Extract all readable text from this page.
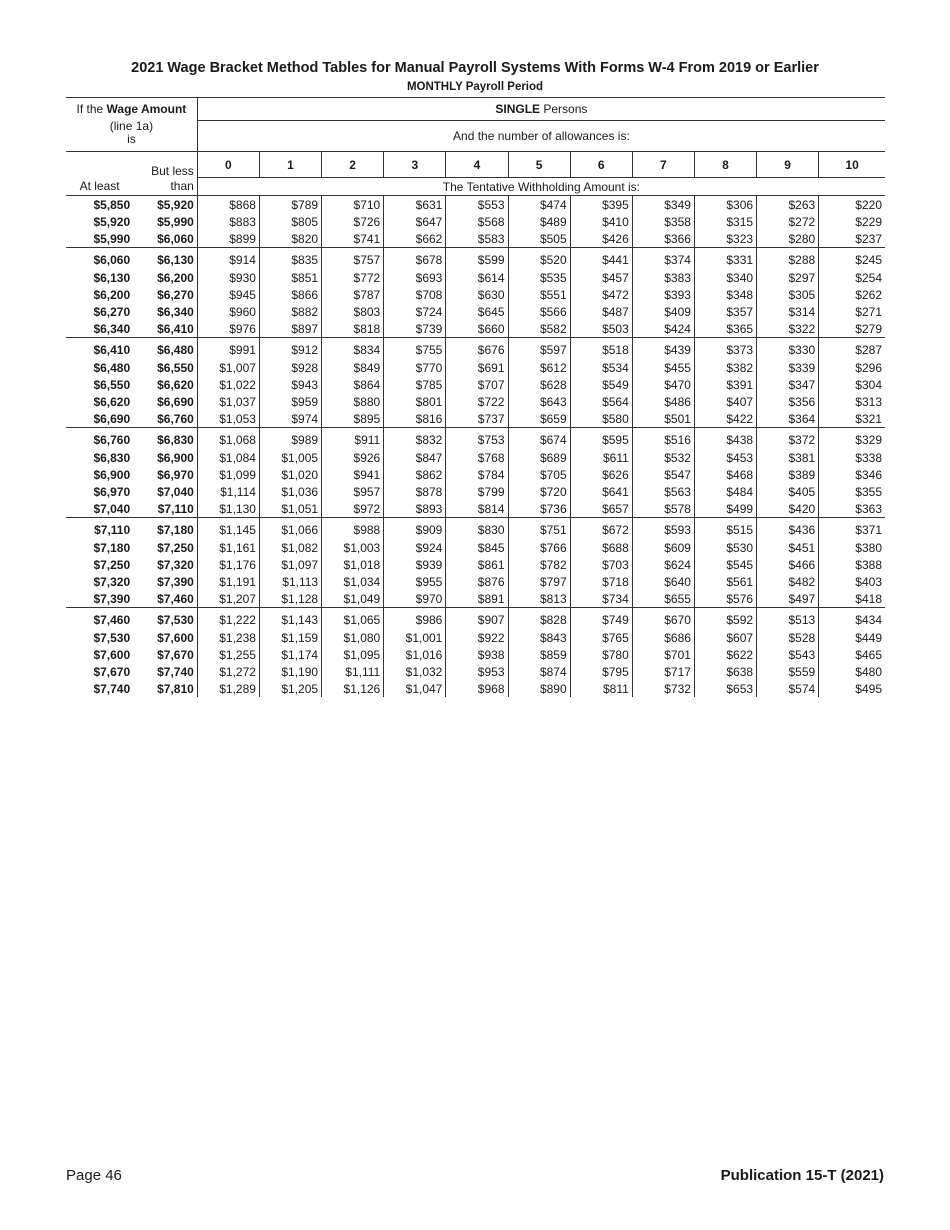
2021 Wage Bracket Method Tables for Manual Payroll Systems With Forms W-4 From 2019 or Earlier
MONTHLY Payroll Period
If the Wage Amount
(line 1a)
is		SINGLE Persons										
		And the number of allowances is:										
	But less	0	1	2	3	4	5	6	7	8	9	10
At least	than	The Tentative Withholding Amount is:										
$5,850	$5,920	$868	$789	$710	$631	$553	$474	$395	$349	$306	$263	$220
$5,920	$5,990	$883	$805	$726	$647	$568	$489	$410	$358	$315	$272	$229
$5,990	$6,060	$899	$820	$741	$662	$583	$505	$426	$366	$323	$280	$237
$6,060	$6,130	$914	$835	$757	$678	$599	$520	$441	$374	$331	$288	$245
$6,130	$6,200	$930	$851	$772	$693	$614	$535	$457	$383	$340	$297	$254
$6,200	$6,270	$945	$866	$787	$708	$630	$551	$472	$393	$348	$305	$262
$6,270	$6,340	$960	$882	$803	$724	$645	$566	$487	$409	$357	$314	$271
$6,340	$6,410	$976	$897	$818	$739	$660	$582	$503	$424	$365	$322	$279
$6,410	$6,480	$991	$912	$834	$755	$676	$597	$518	$439	$373	$330	$287
$6,480	$6,550	$1,007	$928	$849	$770	$691	$612	$534	$455	$382	$339	$296
$6,550	$6,620	$1,022	$943	$864	$785	$707	$628	$549	$470	$391	$347	$304
$6,620	$6,690	$1,037	$959	$880	$801	$722	$643	$564	$486	$407	$356	$313
$6,690	$6,760	$1,053	$974	$895	$816	$737	$659	$580	$501	$422	$364	$321
$6,760	$6,830	$1,068	$989	$911	$832	$753	$674	$595	$516	$438	$372	$329
$6,830	$6,900	$1,084	$1,005	$926	$847	$768	$689	$611	$532	$453	$381	$338
$6,900	$6,970	$1,099	$1,020	$941	$862	$784	$705	$626	$547	$468	$389	$346
$6,970	$7,040	$1,114	$1,036	$957	$878	$799	$720	$641	$563	$484	$405	$355
$7,040	$7,110	$1,130	$1,051	$972	$893	$814	$736	$657	$578	$499	$420	$363
$7,110	$7,180	$1,145	$1,066	$988	$909	$830	$751	$672	$593	$515	$436	$371
$7,180	$7,250	$1,161	$1,082	$1,003	$924	$845	$766	$688	$609	$530	$451	$380
$7,250	$7,320	$1,176	$1,097	$1,018	$939	$861	$782	$703	$624	$545	$466	$388
$7,320	$7,390	$1,191	$1,113	$1,034	$955	$876	$797	$718	$640	$561	$482	$403
$7,390	$7,460	$1,207	$1,128	$1,049	$970	$891	$813	$734	$655	$576	$497	$418
$7,460	$7,530	$1,222	$1,143	$1,065	$986	$907	$828	$749	$670	$592	$513	$434
$7,530	$7,600	$1,238	$1,159	$1,080	$1,001	$922	$843	$765	$686	$607	$528	$449
$7,600	$7,670	$1,255	$1,174	$1,095	$1,016	$938	$859	$780	$701	$622	$543	$465
$7,670	$7,740	$1,272	$1,190	$1,111	$1,032	$953	$874	$795	$717	$638	$559	$480
$7,740	$7,810	$1,289	$1,205	$1,126	$1,047	$968	$890	$811	$732	$653	$574	$495
Page 46	Publication 15-T (2021)
